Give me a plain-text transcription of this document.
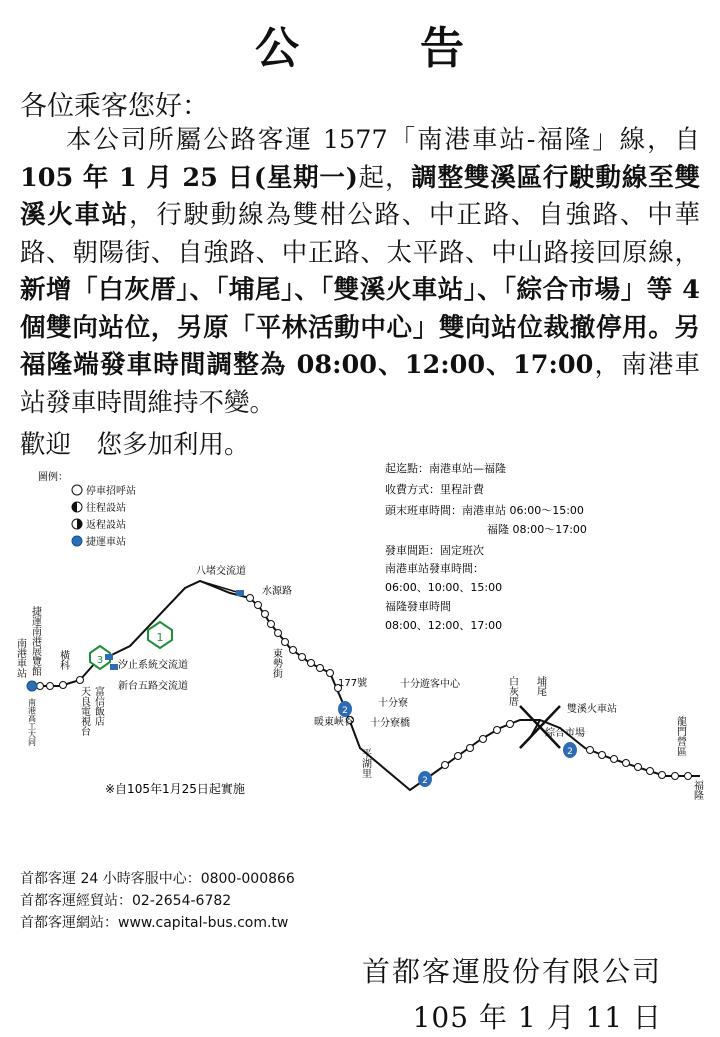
公	告
各位乘客您好：
本公司所屬公路客運 1577「南港車站-福隆」線，自105 年 1 月 25 日(星期一)起，調整雙溪區行駛動線至雙溪火車站，行駛動線為雙柑公路、中正路、自強路、中華路、朝陽街、自強路、中正路、太平路、中山路接回原線，新增「白灰厝」、「埔尾」、「雙溪火車站」、「綜合市場」等 4 個雙向站位，另原「平林活動中心」雙向站位裁撤停用。另福隆端發車時間調整為 08:00、12:00、17:00，南港車站發車時間維持不變。
歡迎　您多加利用。
圖例：
停車招呼站
往程設站
返程設站
捷運車站
起迄點：南港車站—福隆
收費方式：里程計費
頭末班車時間：南港車站 06:00～15:00
福隆 08:00～17:00
發車間距：固定班次
南港車站發車時間：
06:00、10:00、15:00
福隆發車時間
08:00、12:00、17:00
1
3
2
2
2
八堵交流道
汐止系統交流道
新台五路交流道
水源路
暖東峽谷
177號	十分遊客中心
十分寮
十分寮橋
雙溪火車站
綜合市場
※自105年1月25日起實施
南港車站 捷運南港展覽館
南港高工大同
橫科
天良電視台 富信飯店
東勢街
平湖里
白灰厝 埔尾
龍門營區
福隆
首都客運 24 小時客服中心：0800-000866
首都客運經貿站：02-2654-6782
首都客運網站：www.capital-bus.com.tw
首都客運股份有限公司
105 年 1 月 11 日
